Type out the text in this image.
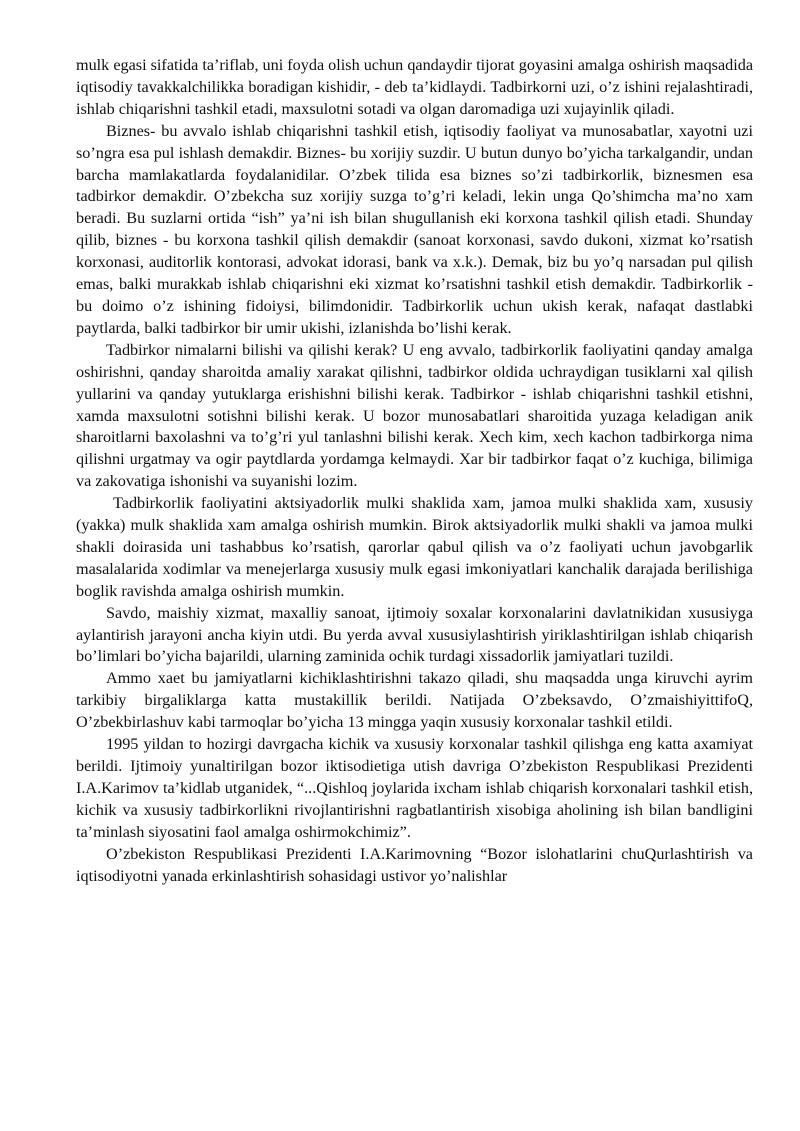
mulk egasi sifatida ta’riflab, uni foyda olish uchun qandaydir tijorat goyasini amalga oshirish maqsadida iqtisodiy tavakkalchilikka boradigan kishidir, - deb ta’kidlaydi. Tadbirkorni uzi, o’z ishini rejalashtiradi, ishlab chiqarishni tashkil etadi, maxsulotni sotadi va olgan daromadiga uzi xujayinlik qiladi.

Biznes- bu avvalo ishlab chiqarishni tashkil etish, iqtisodiy faoliyat va munosabatlar, xayotni uzi so’ngra esa pul ishlash demakdir. Biznes- bu xorijiy suzdir. U butun dunyo bo’yicha tarkalgandir, undan barcha mamlakatlarda foydalanidilar. O’zbek tilida esa biznes so’zi tadbirkorlik, biznesmen esa tadbirkor demakdir. O’zbekcha suz xorijiy suzga to’g’ri keladi, lekin unga Qo’shimcha ma’no xam beradi. Bu suzlarni ortida “ish” ya’ni ish bilan shugullanish eki korxona tashkil qilish etadi. Shunday qilib, biznes - bu korxona tashkil qilish demakdir (sanoat korxonasi, savdo dukoni, xizmat ko’rsatish korxonasi, auditorlik kontorasi, advokat idorasi, bank va x.k.). Demak, biz bu yo’q narsadan pul qilish emas, balki murakkab ishlab chiqarishni eki xizmat ko’rsatishni tashkil etish demakdir. Tadbirkorlik - bu doimo o’z ishining fidoiysi, bilimdonidir. Tadbirkorlik uchun ukish kerak, nafaqat dastlabki paytlarda, balki tadbirkor bir umir ukishi, izlanishda bo’lishi kerak.

Tadbirkor nimalarni bilishi va qilishi kerak? U eng avvalo, tadbirkorlik faoliyatini qanday amalga oshirishni, qanday sharoitda amaliy xarakat qilishni, tadbirkor oldida uchraydigan tusiklarni xal qilish yullarini va qanday yutuklarga erishishni bilishi kerak. Tadbirkor - ishlab chiqarishni tashkil etishni, xamda maxsulotni sotishni bilishi kerak. U bozor munosabatlari sharoitida yuzaga keladigan anik sharoitlarni baxolashni va to’g’ri yul tanlashni bilishi kerak. Xech kim, xech kachon tadbirkorga nima qilishni urgatmay va ogir paytdlarda yordamga kelmaydi. Xar bir tadbirkor faqat o’z kuchiga, bilimiga va zakovatiga ishonishi va suyanishi lozim.

Tadbirkorlik faoliyatini aktsiyadorlik mulki shaklida xam, jamoa mulki shaklida xam, xususiy (yakka) mulk shaklida xam amalga oshirish mumkin. Birok aktsiyadorlik mulki shakli va jamoa mulki shakli doirasida uni tashabbus ko’rsatish, qarorlar qabul qilish va o’z faoliyati uchun javobgarlik masalalarida xodimlar va menejerlarga xususiy mulk egasi imkoniyatlari kanchalik darajada berilishiga boglik ravishda amalga oshirish mumkin.

Savdo, maishiy xizmat, maxalliy sanoat, ijtimoiy soxalar korxonalarini davlatnikidan xususiyga aylantirish jarayoni ancha kiyin utdi. Bu yerda avval xususiylashtirish yiriklashtirilgan ishlab chiqarish bo’limlari bo’yicha bajarildi, ularning zaminida ochik turdagi xissadorlik jamiyatlari tuzildi.

Ammo xaet bu jamiyatlarni kichiklashtirishni takazo qiladi, shu maqsadda unga kiruvchi ayrim tarkibiy birgaliklarga katta mustakillik berildi. Natijada O’zbeksavdo, O’zmaishiyittifoQ, O’zbekbirlashuv kabi tarmoqlar bo’yicha 13 mingga yaqin xususiy korxonalar tashkil etildi.

1995 yildan to hozirgi davrgacha kichik va xususiy korxonalar tashkil qilishga eng katta axamiyat berildi. Ijtimoiy yunaltirilgan bozor iktisodietiga utish davriga O’zbekiston Respublikasi Prezidenti I.A.Karimov ta’kidlab utganidek, “...Qishloq joylarida ixcham ishlab chiqarish korxonalari tashkil etish, kichik va xususiy tadbirkorlikni rivojlantirishni ragbatlantirish xisobiga aholining ish bilan bandligini ta’minlash siyosatini faol amalga oshirmokchimiz”.

O’zbekiston Respublikasi Prezidenti I.A.Karimovning “Bozor islohatlarini chuQurlashtirish va iqtisodiyotni yanada erkinlashtirish sohasidagi ustivor yo’nalishlar
